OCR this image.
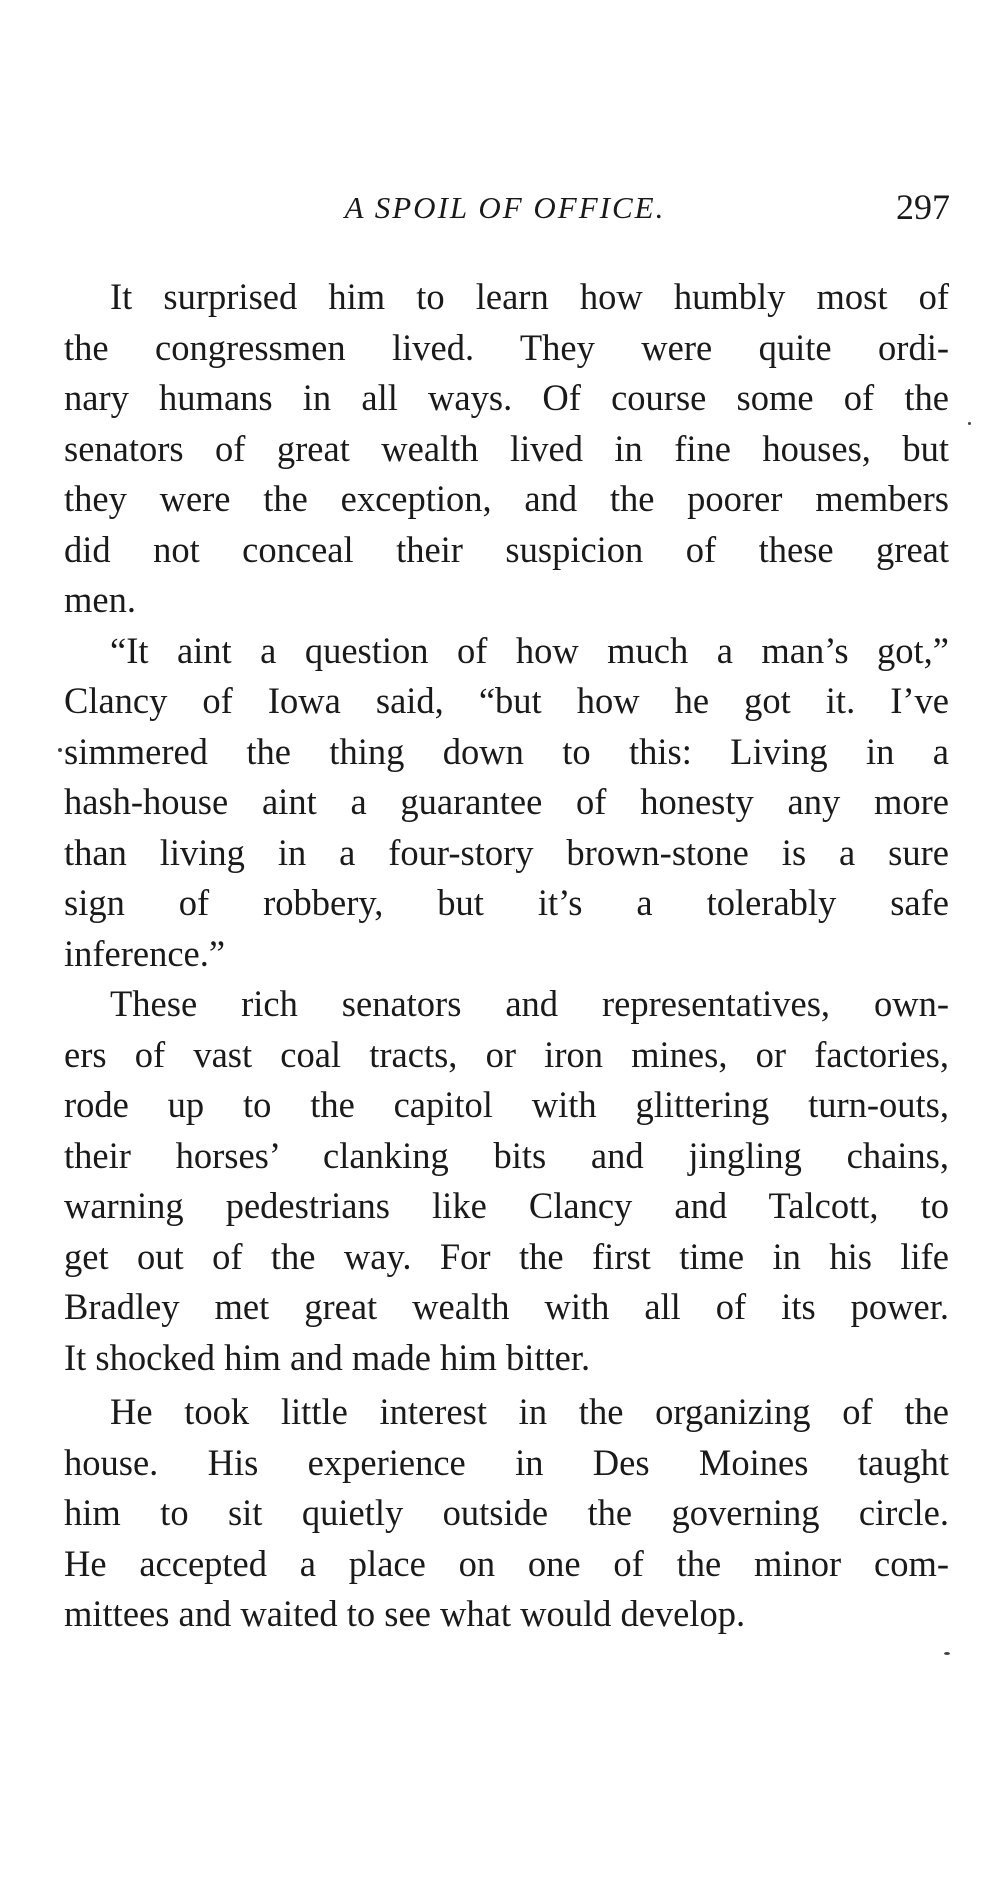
A SPOIL OF OFFICE.	297
It surprised him to learn how humbly most of
the congressmen lived. They were quite ordi-
nary humans in all ways. Of course some of the
senators of great wealth lived in fine houses, but
they were the exception, and the poorer members
did not conceal their suspicion of these great
men.
“It aint a question of how much a man’s got,”
Clancy of Iowa said, “but how he got it. I’ve
simmered the thing down to this: Living in a
hash-house aint a guarantee of honesty any more
than living in a four-story brown-stone is a sure
sign of robbery, but it’s a tolerably safe
inference.”
These rich senators and representatives, own-
ers of vast coal tracts, or iron mines, or factories,
rode up to the capitol with glittering turn-outs,
their horses’ clanking bits and jingling chains,
warning pedestrians like Clancy and Talcott, to
get out of the way. For the first time in his life
Bradley met great wealth with all of its power.
It shocked him and made him bitter.
He took little interest in the organizing of the
house. His experience in Des Moines taught
him to sit quietly outside the governing circle.
He accepted a place on one of the minor com-
mittees and waited to see what would develop.
